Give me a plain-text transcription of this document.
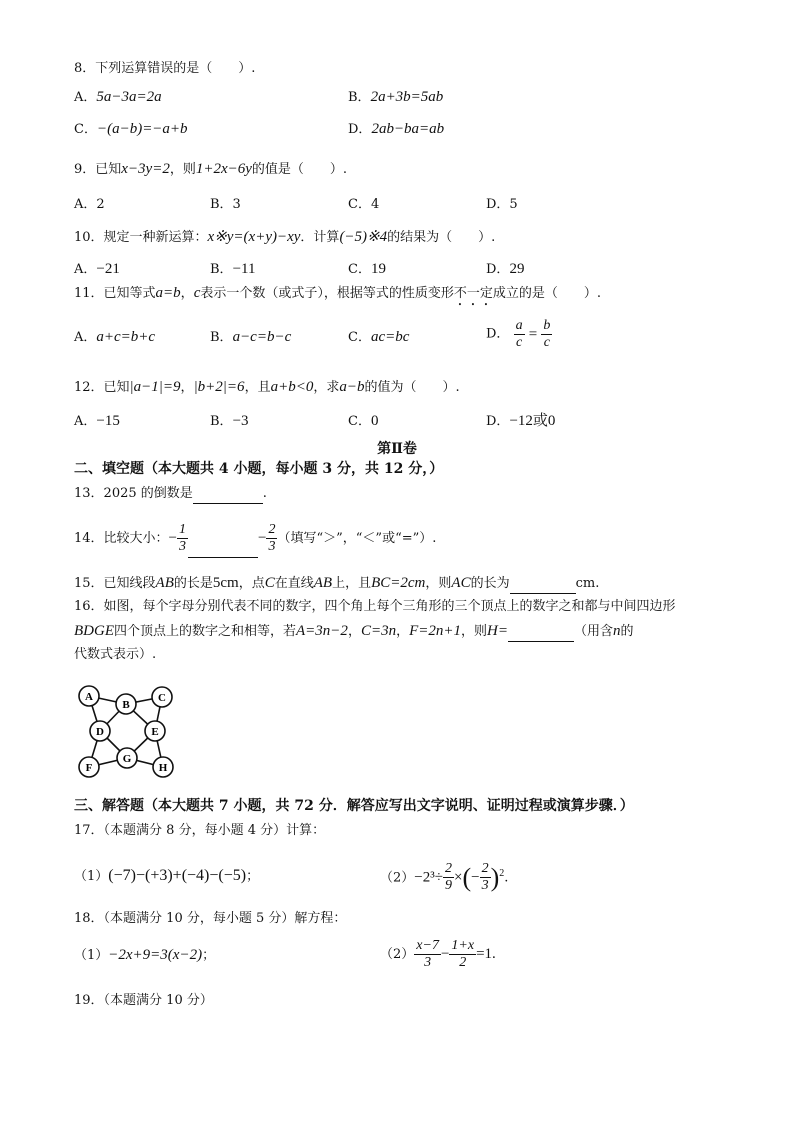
8．下列运算错误的是（　　）.
A．5a−3a=2a	B．2a+3b=5ab
C．−(a−b)=−a+b	D．2ab−ba=ab
9．已知x−3y=2，则1+2x−6y的值是（　　）.
A．2	B．3	C．4	D．5
10．规定一种新运算：x※y=(x+y)−xy．计算(−5)※4的结果为（　　）.
A．−21	B．−11	C．19	D．29
11．已知等式a=b，c表示一个数（或式子），根据等式的性质变形不一定成立的是（　　）.
A．a+c=b+c	B．a−c=b−c	C．ac=bc	D． $\frac{a}{c} = \frac{b}{c}$
12．已知|a−1|=9，|b+2|=6，且a+b<0，求a−b的值为（　　）.
A．−15	B．−3	C．0	D．−12或0
第Ⅱ卷
二、填空题（本大题共 4 小题，每小题 3 分，共 12 分，）
13．2025 的倒数是	.
14．比较大小：− $\frac{1}{3}$	− $\frac{2}{3}$ （填写“＞”，“＜”或“=”）.
15．已知线段AB的长是5cm，点C在直线AB上，且BC=2cm，则AC的长为	cm.
16．如图，每个字母分别代表不同的数字，四个角上每个三角形的三个顶点上的数字之和都与中间四边形
BDGE四个顶点上的数字之和相等，若A=3n−2，C=3n，F=2n+1，则H=	（用含n的
代数式表示）.
A
B
C
D	E
F
G
H
三、解答题（本大题共 7 小题，共 72 分．解答应写出文字说明、证明过程或演算步骤．）
17．（本题满分 8 分，每小题 4 分）计算：
（1）(−7)−(+3)+(−4)−(−5)；	$(2)-2^3\div \frac{2}{9}$ ×(− $\frac{2}{3} )^2$.
18．（本题满分 10 分，每小题 5 分）解方程：
（1）−2x+9=3(x−2)；	$(2) \frac{x-7}{3} - \frac{1+x}{2} =1$.
19．（本题满分 10 分）
